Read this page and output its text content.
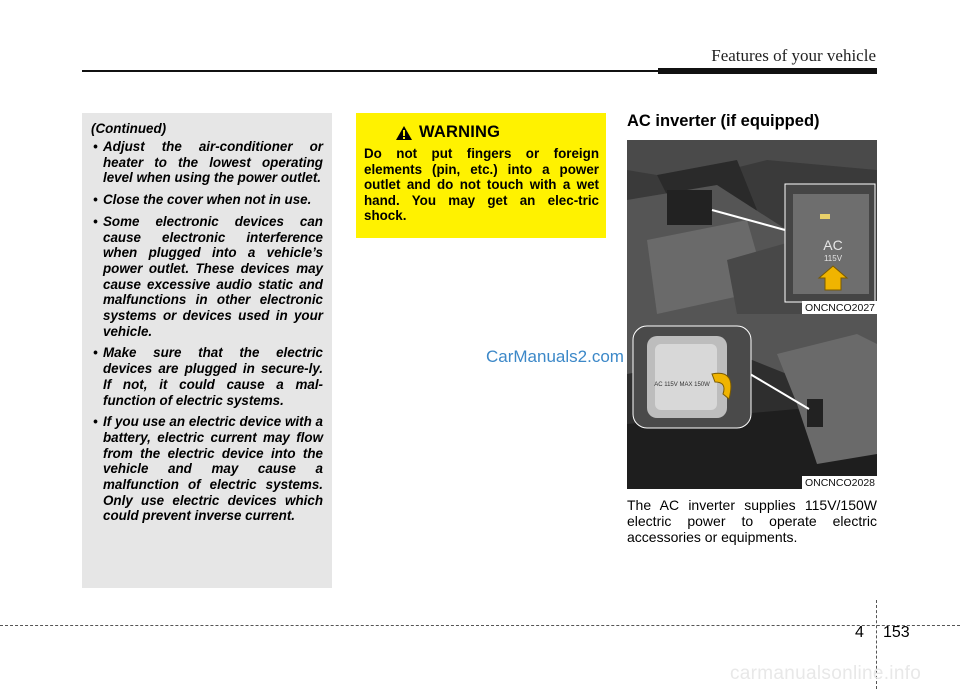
Features of your vehicle
(Continued)
• Adjust the air-conditioner or heater to the lowest operating level when using the power outlet.
• Close the cover when not in use.
• Some electronic devices can cause electronic interference when plugged into a vehicle’s power outlet. These devices may cause excessive audio static and malfunctions in other electronic systems or devices used in your vehicle.
• Make sure that the electric devices are plugged in secure-ly. If not, it could cause a mal-function of electric systems.
• If you use an electric device with a battery, electric current may flow from the electric device into the vehicle and may cause a malfunction of electric systems. Only use electric devices which could prevent inverse current.
WARNING
Do not put fingers or foreign elements (pin, etc.) into a power outlet and do not touch with a wet hand. You may get an elec-tric shock.
CarManuals2.com
AC inverter (if equipped)
AC
115V
ONCNCO2027
AC 115V MAX 150W
ONCNCO2028
The AC inverter supplies 115V/150W electric power to operate electric accessories or equipments.
4 153
carmanualsonline.info
